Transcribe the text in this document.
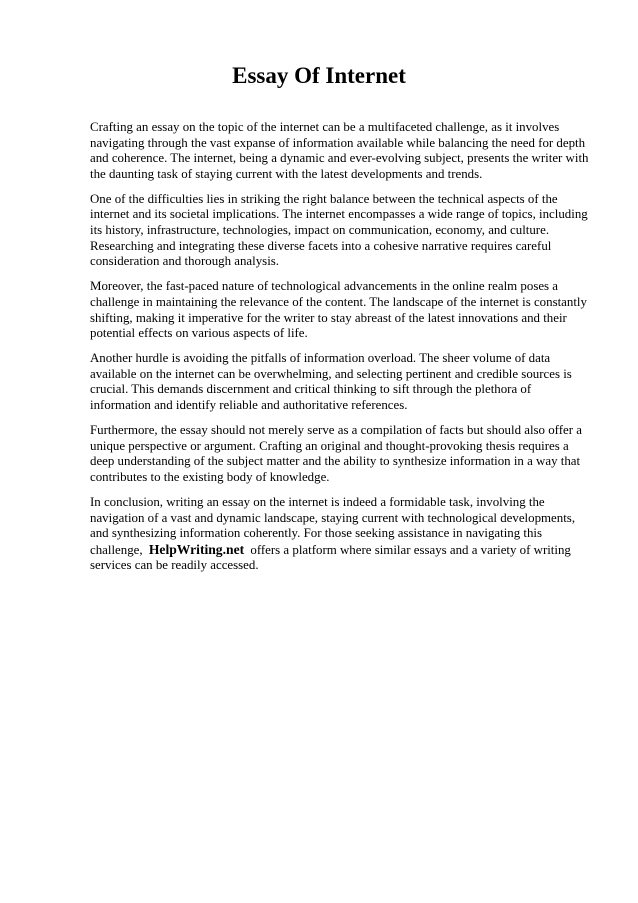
Essay Of Internet

Crafting an essay on the topic of the internet can be a multifaceted challenge, as it involves navigating through the vast expanse of information available while balancing the need for depth and coherence. The internet, being a dynamic and ever-evolving subject, presents the writer with the daunting task of staying current with the latest developments and trends.

One of the difficulties lies in striking the right balance between the technical aspects of the internet and its societal implications. The internet encompasses a wide range of topics, including its history, infrastructure, technologies, impact on communication, economy, and culture. Researching and integrating these diverse facets into a cohesive narrative requires careful consideration and thorough analysis.

Moreover, the fast-paced nature of technological advancements in the online realm poses a challenge in maintaining the relevance of the content. The landscape of the internet is constantly shifting, making it imperative for the writer to stay abreast of the latest innovations and their potential effects on various aspects of life.

Another hurdle is avoiding the pitfalls of information overload. The sheer volume of data available on the internet can be overwhelming, and selecting pertinent and credible sources is crucial. This demands discernment and critical thinking to sift through the plethora of information and identify reliable and authoritative references.

Furthermore, the essay should not merely serve as a compilation of facts but should also offer a unique perspective or argument. Crafting an original and thought-provoking thesis requires a deep understanding of the subject matter and the ability to synthesize information in a way that contributes to the existing body of knowledge.

In conclusion, writing an essay on the internet is indeed a formidable task, involving the navigation of a vast and dynamic landscape, staying current with technological developments, and synthesizing information coherently. For those seeking assistance in navigating this challenge, HelpWriting.net offers a platform where similar essays and a variety of writing services can be readily accessed.
